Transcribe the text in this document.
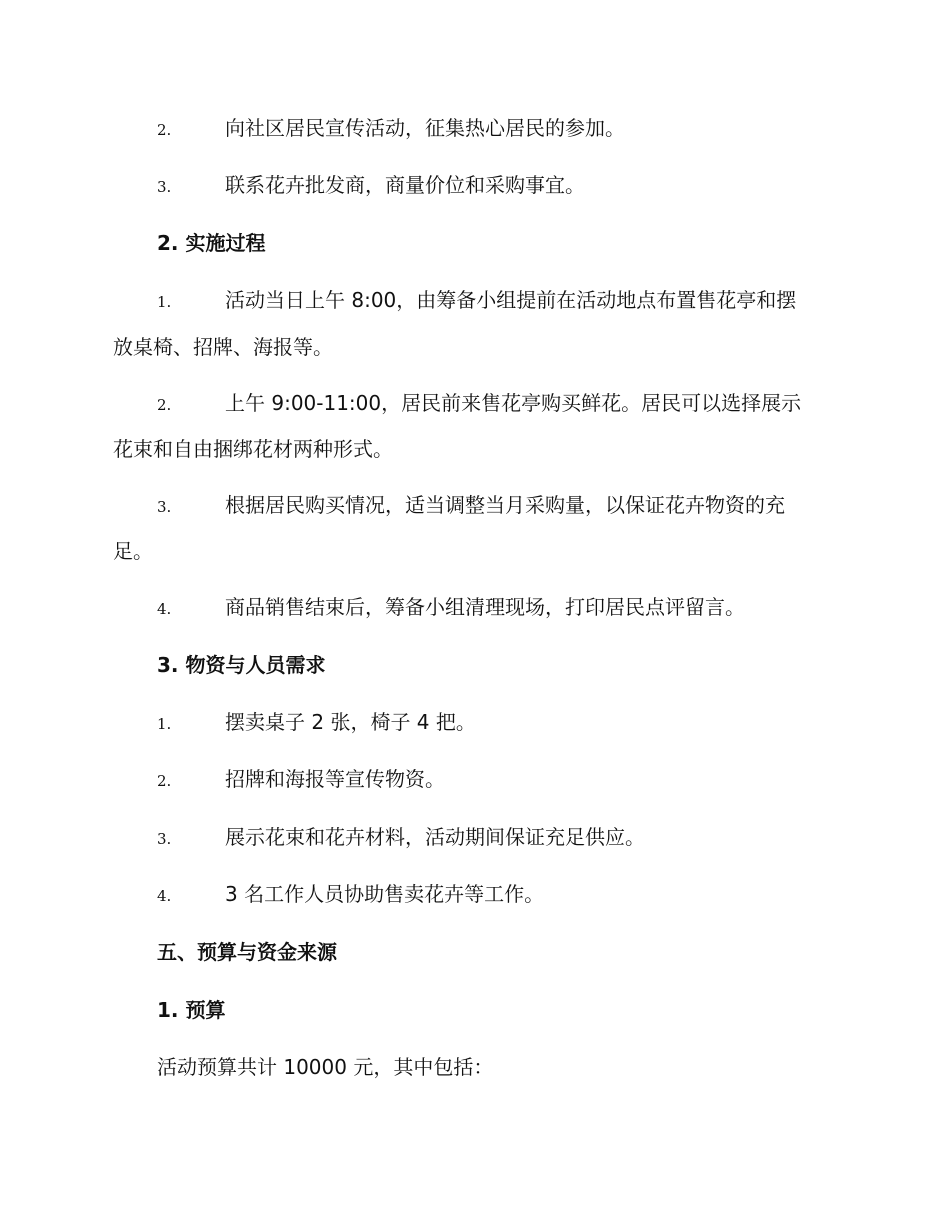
2.	向社区居民宣传活动，征集热心居民的参加。
3.	联系花卉批发商，商量价位和采购事宜。
2. 实施过程
1.	活动当日上午 8:00，由筹备小组提前在活动地点布置售花亭和摆
放桌椅、招牌、海报等。
2.	上午 9:00-11:00，居民前来售花亭购买鲜花。居民可以选择展示
花束和自由捆绑花材两种形式。
3.	根据居民购买情况，适当调整当月采购量，以保证花卉物资的充
足。
4.	商品销售结束后，筹备小组清理现场，打印居民点评留言。
3. 物资与人员需求
1.	摆卖桌子 2 张，椅子 4 把。
2.	招牌和海报等宣传物资。
3.	展示花束和花卉材料，活动期间保证充足供应。
4.	3 名工作人员协助售卖花卉等工作。
五、预算与资金来源
1. 预算
活动预算共计 10000 元，其中包括：
